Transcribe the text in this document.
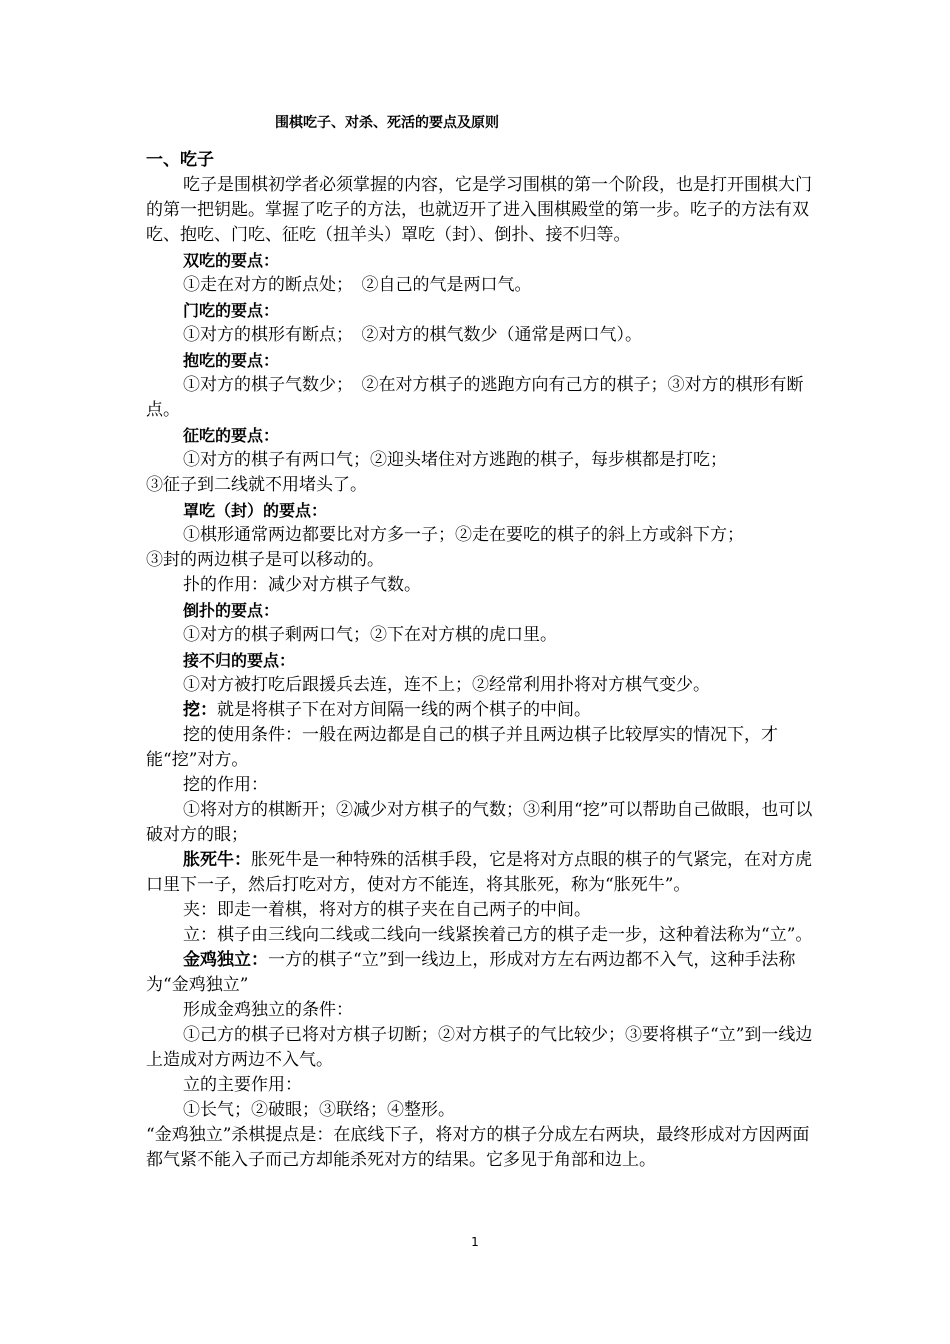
围棋吃子、对杀、死活的要点及原则

一、吃子

吃子是围棋初学者必须掌握的内容，它是学习围棋的第一个阶段，也是打开围棋大门的第一把钥匙。掌握了吃子的方法，也就迈开了进入围棋殿堂的第一步。吃子的方法有双吃、抱吃、门吃、征吃（扭羊头）罩吃（封）、倒扑、接不归等。

双吃的要点：

①走在对方的断点处；　②自己的气是两口气。

门吃的要点：

①对方的棋形有断点；　②对方的棋气数少（通常是两口气）。

抱吃的要点：

①对方的棋子气数少；　②在对方棋子的逃跑方向有己方的棋子；③对方的棋形有断点。

征吃的要点：

①对方的棋子有两口气；②迎头堵住对方逃跑的棋子，每步棋都是打吃；

③征子到二线就不用堵头了。

罩吃（封）的要点：

①棋形通常两边都要比对方多一子；②走在要吃的棋子的斜上方或斜下方；

③封的两边棋子是可以移动的。

扑的作用：减少对方棋子气数。

倒扑的要点：

①对方的棋子剩两口气；②下在对方棋的虎口里。

接不归的要点：

①对方被打吃后跟援兵去连，连不上；②经常利用扑将对方棋气变少。

挖：就是将棋子下在对方间隔一线的两个棋子的中间。

挖的使用条件：一般在两边都是自己的棋子并且两边棋子比较厚实的情况下，才能“挖”对方。

挖的作用：

①将对方的棋断开；②减少对方棋子的气数；③利用“挖”可以帮助自己做眼，也可以破对方的眼；

胀死牛：胀死牛是一种特殊的活棋手段，它是将对方点眼的棋子的气紧完，在对方虎口里下一子，然后打吃对方，使对方不能连，将其胀死，称为“胀死牛”。

夹：即走一着棋，将对方的棋子夹在自己两子的中间。

立：棋子由三线向二线或二线向一线紧挨着己方的棋子走一步，这种着法称为“立”。

金鸡独立：一方的棋子“立”到一线边上，形成对方左右两边都不入气，这种手法称为“金鸡独立”

形成金鸡独立的条件：

①己方的棋子已将对方棋子切断；②对方棋子的气比较少；③要将棋子“立”到一线边上造成对方两边不入气。

立的主要作用：

①长气；②破眼；③联络；④整形。

“金鸡独立”杀棋提点是：在底线下子，将对方的棋子分成左右两块，最终形成对方因两面都气紧不能入子而己方却能杀死对方的结果。它多见于角部和边上。

1
